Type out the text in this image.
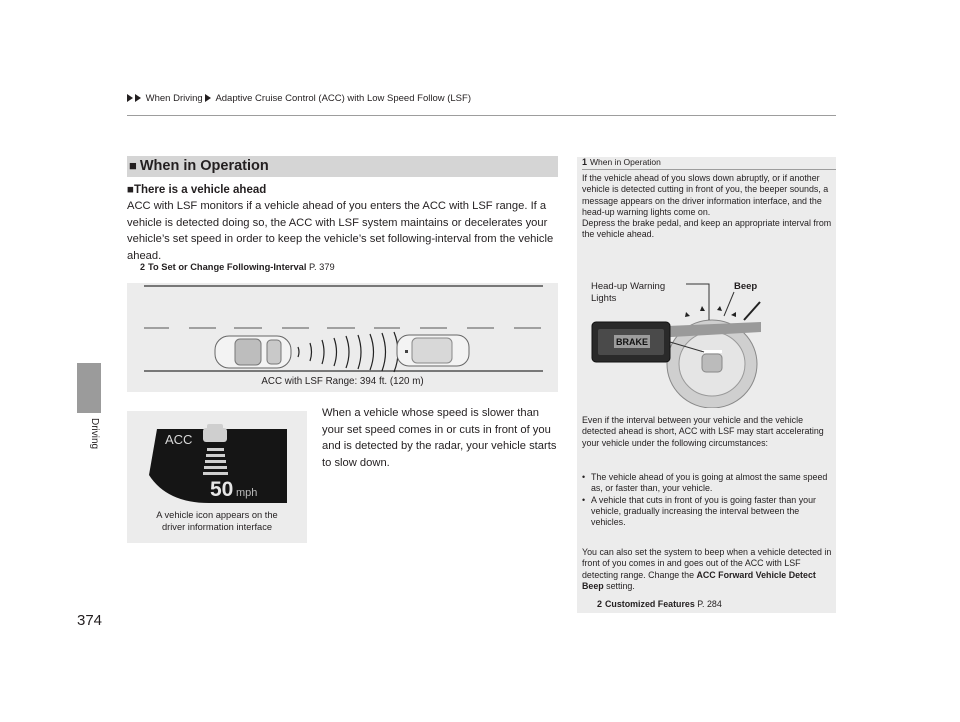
When Driving Adaptive Cruise Control (ACC) with Low Speed Follow (LSF)
Driving
374
■ When in Operation
■There is a vehicle ahead
ACC with LSF monitors if a vehicle ahead of you enters the ACC with LSF range. If a vehicle is detected doing so, the ACC with LSF system maintains or decelerates your vehicle’s set speed in order to keep the vehicle’s set following-interval from the vehicle ahead.
2 To Set or Change Following-Interval P. 379
ACC with LSF Range: 394 ft. (120 m)
ACC
50 mph
A vehicle icon appears on the
driver information interface
When a vehicle whose speed is slower than your set speed comes in or cuts in front of you and is detected by the radar, your vehicle starts to slow down.
1 When in Operation
If the vehicle ahead of you slows down abruptly, or if another vehicle is detected cutting in front of you, the beeper sounds, a message appears on the driver information interface, and the head-up warning lights come on.
Depress the brake pedal, and keep an appropriate interval from the vehicle ahead.
BRAKE
Head-up Warning
Lights
Beep
Even if the interval between your vehicle and the vehicle detected ahead is short, ACC with LSF may start accelerating your vehicle under the following circumstances:
• The vehicle ahead of you is going at almost the same speed as, or faster than, your vehicle.
• A vehicle that cuts in front of you is going faster than your vehicle, gradually increasing the interval between the vehicles.
You can also set the system to beep when a vehicle detected in front of you comes in and goes out of the ACC with LSF detecting range. Change the ACC Forward Vehicle Detect Beep setting.
2 Customized Features P. 284
